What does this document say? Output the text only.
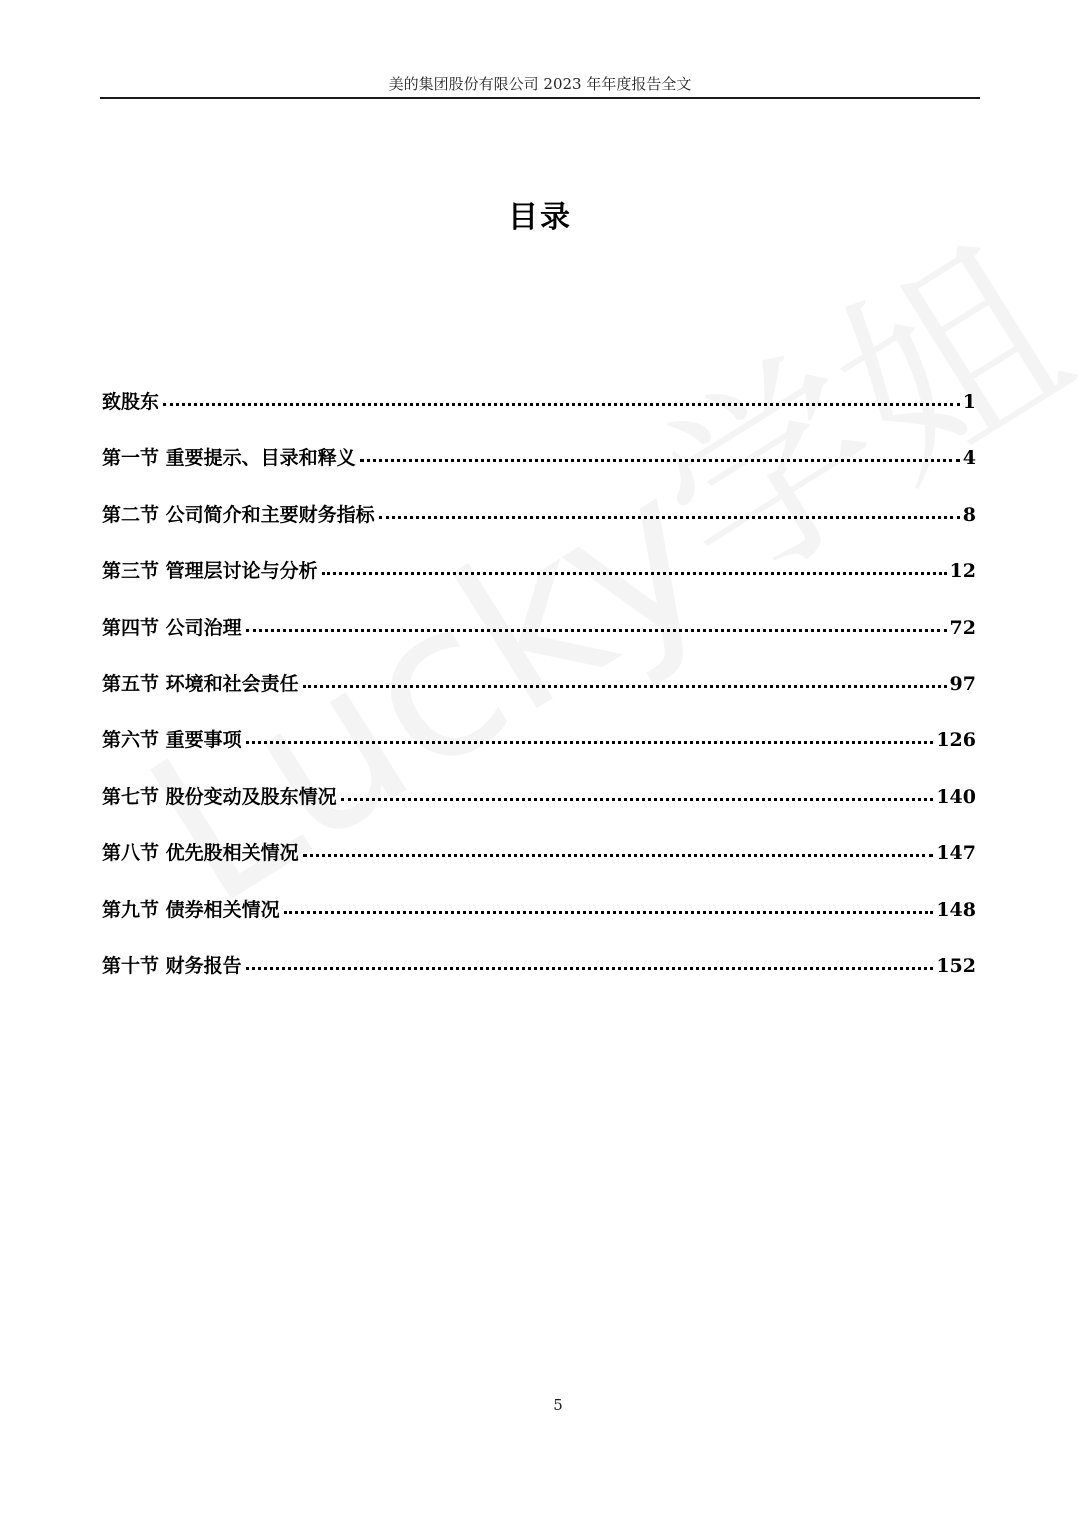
美的集团股份有限公司 2023 年年度报告全文
目录
致股东	1
第一节 重要提示、目录和释义	4
第二节 公司简介和主要财务指标	8
第三节 管理层讨论与分析	12
第四节 公司治理	72
第五节 环境和社会责任	97
第六节 重要事项	126
第七节 股份变动及股东情况	140
第八节 优先股相关情况	147
第九节 债券相关情况	148
第十节 财务报告	152
5
